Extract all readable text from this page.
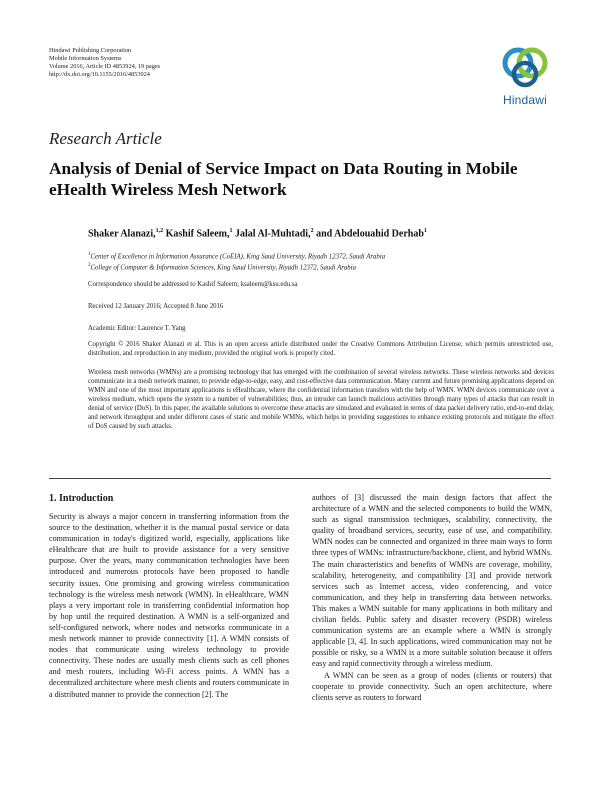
Hindawi Publishing Corporation
Mobile Information Systems
Volume 2016, Article ID 4853924, 19 pages
http://dx.doi.org/10.1155/2016/4853924
Hindawi
Research Article
Analysis of Denial of Service Impact on Data Routing in Mobile eHealth Wireless Mesh Network
Shaker Alanazi,$^{1,2}$ Kashif Saleem,$^1$ Jalal Al-Muhtadi,$^2$ and Abdelouahid Derhab$^1$
$^1$Center of Excellence in Information Assurance (CoEIA), King Saud University, Riyadh 12372, Saudi Arabia
$^2$College of Computer & Information Sciences, King Saud University, Riyadh 12372, Saudi Arabia
Correspondence should be addressed to Kashif Saleem; ksaleem@ksu.edu.sa
Received 12 January 2016; Accepted 8 June 2016
Academic Editor: Laurence T. Yang
Copyright © 2016 Shaker Alanazi et al. This is an open access article distributed under the Creative Commons Attribution License, which permits unrestricted use, distribution, and reproduction in any medium, provided the original work is properly cited.
Wireless mesh networks (WMNs) are a promising technology that has emerged with the combination of several wireless networks. These wireless networks and devices communicate in a mesh network manner, to provide edge-to-edge, easy, and cost-effective data communication. Many current and future promising applications depend on WMN and one of the most important applications is eHealthcare, where the confidential information transfers with the help of WMN. WMN devices communicate over a wireless medium, which opens the system to a number of vulnerabilities; thus, an intruder can launch malicious activities through many types of attacks that can result in denial of service (DoS). In this paper, the available solutions to overcome these attacks are simulated and evaluated in terms of data packet delivery ratio, end-to-end delay, and network throughput and under different cases of static and mobile WMNs, which helps in providing suggestions to enhance existing protocols and mitigate the effect of DoS caused by such attacks.
1. Introduction

Security is always a major concern in transferring information from the source to the destination, whether it is the manual postal service or data communication in today's digitized world, especially, applications like eHealthcare that are built to provide assistance for a very sensitive purpose. Over the years, many communication technologies have been introduced and numerous protocols have been proposed to handle security issues. One promising and growing wireless communication technology is the wireless mesh network (WMN). In eHealthcare, WMN plays a very important role in transferring confidential information hop by hop until the required destination. A WMN is a self-organized and self-configured network, where nodes and networks communicate in a mesh network manner to provide connectivity [1]. A WMN consists of nodes that communicate using wireless technology to provide connectivity. These nodes are usually mesh clients such as cell phones and mesh routers, including Wi-Fi access points. A WMN has a decentralized architecture where mesh clients and routers communicate in a distributed manner to provide the connection [2]. The

authors of [3] discussed the main design factors that affect the architecture of a WMN and the selected components to build the WMN, such as signal transmission techniques, scalability, connectivity, the quality of broadband services, security, ease of use, and compatibility. WMN nodes can be connected and organized in three main ways to form three types of WMNs: infrastructure/backbone, client, and hybrid WMNs. The main characteristics and benefits of WMNs are coverage, mobility, scalability, heterogeneity, and compatibility [3] and provide network services such as Internet access, video conferencing, and voice communication, and they help in transferring data between networks. This makes a WMN suitable for many applications in both military and civilian fields. Public safety and disaster recovery (PSDR) wireless communication systems are an example where a WMN is strongly applicable [3, 4]. In such applications, wired communication may not be possible or risky, so a WMN is a more suitable solution because it offers easy and rapid connectivity through a wireless medium.

A WMN can be seen as a group of nodes (clients or routers) that cooperate to provide connectivity. Such an open architecture, where clients serve as routers to forward
